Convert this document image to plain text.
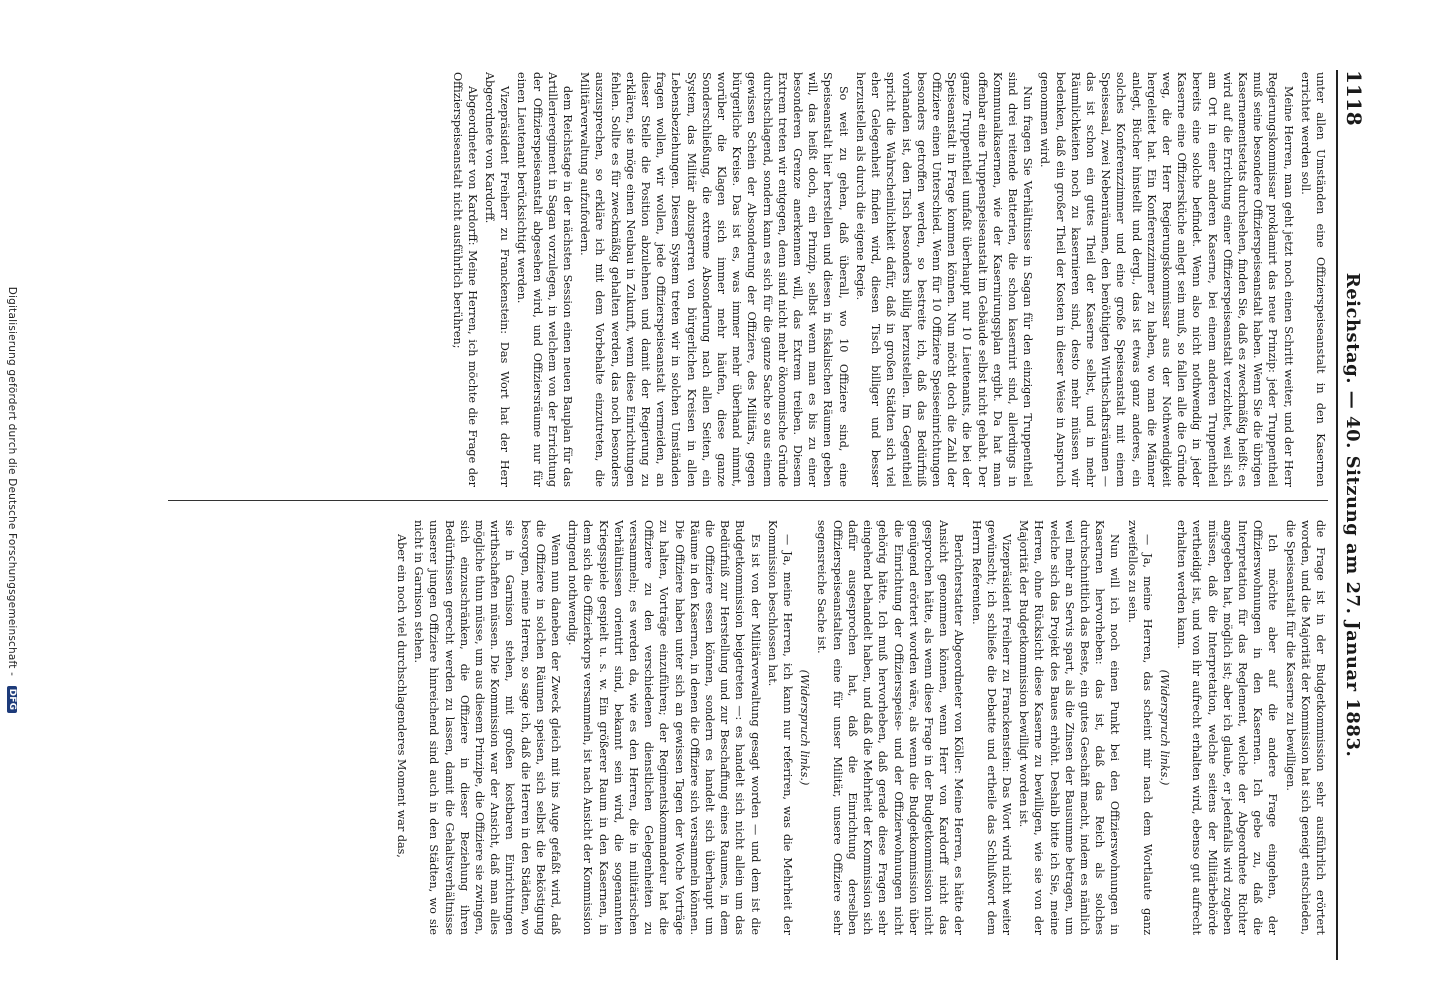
1118
Reichstag. — 40. Sitzung am 27. Januar 1883.

unter allen Umständen eine Offizierspeiseanstalt in den Kasernen errichtet werden soll.

Meine Herren, man geht jetzt noch einen Schritt weiter, und der Herr Regierungskommissar proklamirt das neue Prinzip: jeder Truppentheil muß seine besondere Offizierspeiseanstalt haben. Wenn Sie die übrigen Kasernementsetats durchsehen, finden Sie, daß es zweckmäßig heißt: es wird auf die Errichtung einer Offizierspeiseanstalt verzichtet, weil sich am Ort in einer anderen Kaserne, bei einem anderen Truppentheil bereits eine solche befindet. Wenn also nicht nothwendig in jeder Kaserne eine Offiziersküche anlegt sein muß, so fallen alle die Gründe weg, die der Herr Regierungskommissar aus der Nothwendigkeit hergeleitet hat. Ein Konferenzzimmer zu haben, wo man die Männer anlegt, Bücher hinstellt und dergl., das ist etwas ganz anderes, ein solches Konferenzzimmer und eine große Speiseanstalt mit einem Speisesaal, zwei Nebenräumen, den benöthigten Wirthschaftsräumen — das ist schon ein gutes Theil der Kaserne selbst, und in mehr Räumlichkeiten noch zu kasernieren sind, desto mehr müssen wir bedenken, daß ein großer Theil der Kosten in dieser Weise in Anspruch genommen wird.

Nun fragen Sie Verhältnisse in Sagan für den einzigen Truppentheil sind drei reitende Batterien, die schon kasernirt sind, allerdings in Kommunalkasernen, wie der Kasernirungsplan ergibt. Da hat man offenbar eine Truppenspeiseanstalt im Gebäude selbst nicht gehabt. Der ganze Truppentheil umfaßt überhaupt nur 10 Lieutenants, die bei der Speiseanstalt in Frage kommen können. Nun möcht doch die Zahl der Offiziere einen Unterschied. Wenn für 10 Offiziere Speiseeinrichtungen besonders getroffen werden, so bestreite ich, daß das Bedürfniß vorhanden ist, den Tisch besonders billig herzustellen. Im Gegentheil spricht die Wahrscheinlichkeit dafür, daß in großen Städten sich viel eher Gelegenheit finden wird, diesen Tisch billiger und besser herzustellen als durch die eigene Regie.

So weit zu gehen, daß überall, wo 10 Offiziere sind, eine Speiseanstalt hier herstellen und diesen in fiskalischen Räumen geben will, das heißt doch, ein Prinzip, selbst wenn man es bis zu einer besonderen Grenze anerkennen will, das Extrem treiben. Diesem Extrem treten wir entgegen, denn sind nicht mehr ökonomische Gründe durchschlagend, sondern kann es sich für die ganze Sache so aus einem gewissen Schein der Absonderung der Offiziere, des Militärs, gegen bürgerliche Kreise. Das ist es, was immer mehr überhand nimmt, worüber die Klagen sich immer mehr häufen, diese ganze Sonderschließung, die extreme Absonderung nach allen Seiten, ein System, das Militär abzusperren von bürgerlichen Kreisen in allen Lebensbeziehungen. Diesem System treten wir in solchen Umständen fragen wollen, wir wollen, jede Offizierspeiseanstalt vermeiden, an dieser Stelle die Position abzulehnen und damit der Regierung zu erklären, sie möge einen Neubau in Zukunft, wenn diese Einrichtungen fehlen. Sollte es für zweckmäßig gehalten werden, das noch besonders auszusprechen, so erkläre ich mit dem Vorbehalte einzutreten, die Militärverwaltung aufzufordern.

dem Reichstage in der nächsten Session einen neuen Bauplan für das Artillerieregiment in Sagan vorzulegen, in welchem von der Errichtung der Offizierspeiseanstalt abgesehen wird, und Offiziersräume nur für einen Lieutenant berücksichtigt werden.

Vizepräsident Freiherr zu Franckenstein: Das Wort hat der Herr Abgeordnete von Kardorff.

Abgeordneter von Kardorff: Meine Herren, ich möchte die Frage der Offizierspeiseanstalt nicht ausführlich berühren;

die Frage ist in der Budgetkommission sehr ausführlich erörtert worden, und die Majorität der Kommission hat sich geneigt entschieden, die Speiseanstalt für die Kaserne zu bewilligen.

Ich möchte aber auf die andere Frage eingehen, der Offizierswohnungen in den Kasernen. Ich gebe zu, daß die Interpretation für das Reglement, welche der Abgeordnete Richter angegeben hat, möglich ist; aber ich glaube, er jedenfalls wird zugeben müssen, daß die Interpretation, welche seitens der Militärbehörde vertheidigt ist, und von ihr aufrecht erhalten wird, ebenso gut aufrecht erhalten werden kann.

(Widerspruch links.)

— Ja, meine Herren, das scheint mir nach dem Wortlaute ganz zweifellos zu sein.

Nun will ich noch einen Punkt bei den Offizierswohnungen in Kasernen hervorheben: das ist, daß das Reich als solches durchschnittlich das Beste, ein gutes Geschäft macht, indem es nämlich weil mehr an Servis spart, als die Zinsen der Bausumme betragen, um welche sich das Projekt des Baues erhöht. Deshalb bitte ich Sie, meine Herren, ohne Rücksicht diese Kaserne zu bewilligen, wie sie von der Majorität der Budgetkommission bewilligt worden ist.

Vizepräsident Freiherr zu Franckenstein: Das Wort wird nicht weiter gewünscht; ich schließe die Debatte und ertheile das Schlußwort dem Herrn Referenten.

Berichterstatter Abgeordneter von Köller: Meine Herren, es hätte der Ansicht genommen können, wenn Herr von Kardorff nicht das gesprochen hätte, als wenn diese Frage in der Budgetkommission nicht genügend erörtert worden wäre, als wenn die Budgetkommission über die Einrichtung der Offiziersspeise- und der Offizierwohnungen nicht gehörig hätte. Ich muß hervorheben, daß gerade diese Fragen sehr eingehend behandelt haben, und daß die Mehrheit der Kommission sich dafür ausgesprochen hat, daß die Einrichtung derselben Offizierspeiseanstalten eine für unser Militär, unsere Offiziere sehr segensreiche Sache ist.

(Widerspruch links.)

— Ja, meine Herren, ich kann nur referiren, was die Mehrheit der Kommission beschlossen hat.

Es ist von der Militärverwaltung gesagt worden — und dem ist die Budgetkommission beigetreten —: es handelt sich nicht allein um das Bedürfniß zur Herstellung und zur Beschaffung eines Raumes, in dem die Offiziere essen können, sondern es handelt sich überhaupt um Räume in den Kasernen, in denen die Offiziere sich versammeln können. Die Offiziere haben unter sich an gewissen Tagen der Woche Vorträge zu halten, Vorträge einzuführen; der Regimentskommandeur hat die Offiziere zu den verschiedenen dienstlichen Gelegenheiten zu versammeln; es werden da, wie es den Herren, die in militärischen Verhältnissen orientirt sind, bekannt sein wird, die sogenannten Kriegsspiele gespielt u. s. w. Ein größerer Raum in den Kasernen, in dem sich die Offizierkorps versammeln, ist nach Ansicht der Kommission dringend nothwendig.

Wenn nun daneben der Zweck gleich mit ins Auge gefaßt wird, daß die Offiziere in solchen Räumen speisen, sich selbst die Beköstigung besorgen, meine Herren, so sage ich, daß die Herren in den Städten, wo sie in Garnison stehen, mit großen kostbaren Einrichtungen wirthschaften müssen. Die Kommission war der Ansicht, daß man alles mögliche thun müsse, um aus diesem Prinzipe, die Offiziere sie zwingen, sich einzuschränken, die Offiziere in dieser Beziehung ihren Bedürfnissen gerecht werden zu lassen, damit die Gehaltsverhältnisse unserer jungen Offiziere hinreichend sind auch in den Städten, wo sie nicht in Garnison stehen.

Aber ein noch viel durchschlagenderes Moment war das,

Digitalisierung gefördert durch die Deutsche Forschungsgemeinschaft - DFG
